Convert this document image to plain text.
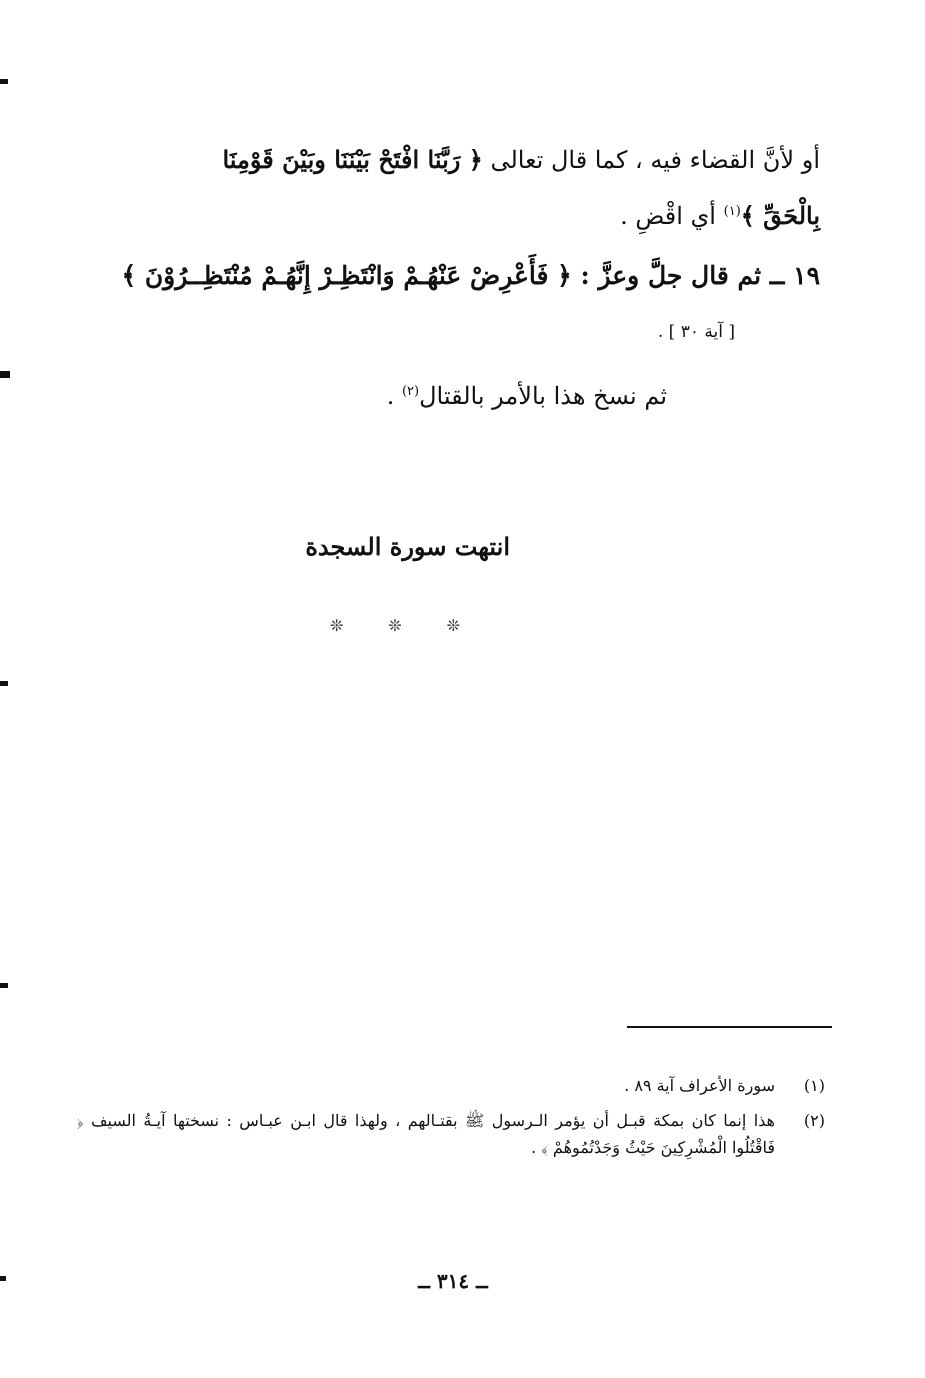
أو لأنَّ القضاء فيه ، كما قال تعالى ﴿ رَبَّنَا افْتَحْ بَيْنَنَا وبَيْنَ قَوْمِنَا
بِالْحَقِّ ﴾$^{(١)}$ أي اقْضِ .
١٩ ــ ثم قال جلَّ وعزَّ : ﴿ فَأَعْرِضْ عَنْهُـمْ وَانْتَظِـرْ إِنَّهُـمْ مُنْتَظِــرُوْنَ ﴾
[ آية ٣٠ ] .
ثم نسخ هذا بالأمر بالقتال$^{(٢)}$ .
انتهت سورة السجدة
❊	❊	❊
(١)
سورة الأعراف آية ٨٩ .
(٢)
هذا إنما كان بمكة قبـل أن يؤمر الـرسول ﷺ بقتـالهم ، ولهذا قال ابـن عبـاس : نسختها آيـةُ السيف ﴿ فَاقْتُلُوا الْمُشْرِكِينَ حَيْثُ وَجَدْتُمُوهُمْ ﴾ .
ــ ٣١٤ ــ
